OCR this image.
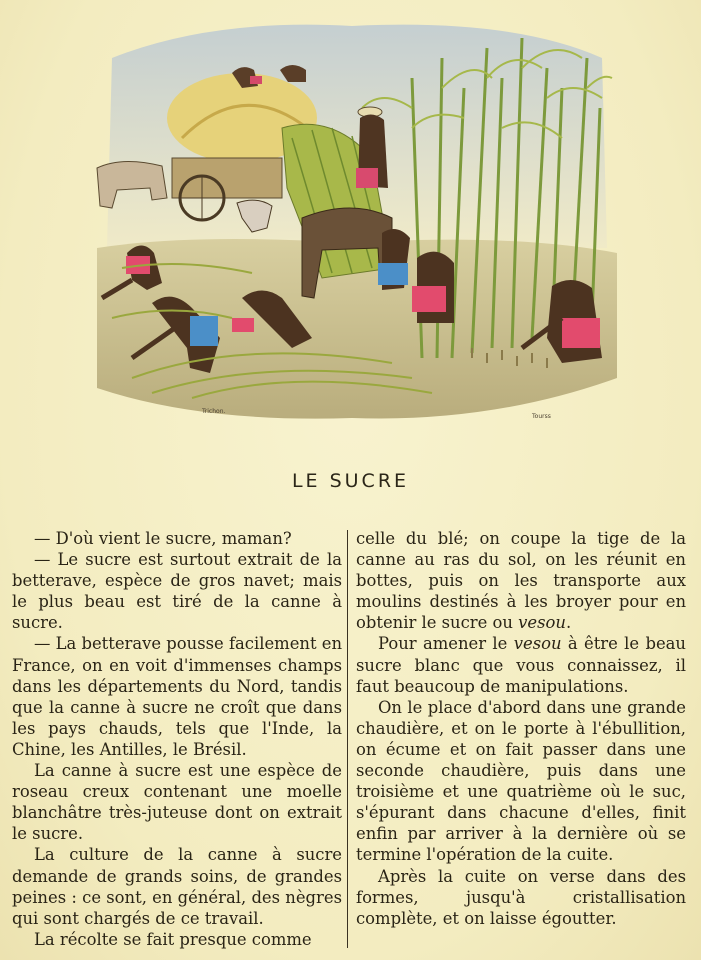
Trichon.
Tourss
LE SUCRE

— D'où vient le sucre, maman?

— Le sucre est surtout extrait de la betterave, espèce de gros navet; mais le plus beau est tiré de la canne à sucre.

— La betterave pousse facilement en France, on en voit d'immenses champs dans les départements du Nord, tandis que la canne à sucre ne croît que dans les pays chauds, tels que l'Inde, la Chine, les Antilles, le Brésil.

La canne à sucre est une espèce de roseau creux contenant une moelle blanchâtre très-juteuse dont on extrait le sucre.

La culture de la canne à sucre demande de grands soins, de grandes peines : ce sont, en général, des nègres qui sont chargés de ce travail.

La récolte se fait presque comme

celle du blé; on coupe la tige de la canne au ras du sol, on les réunit en bottes, puis on les transporte aux moulins destinés à les broyer pour en obtenir le sucre ou vesou.

Pour amener le vesou à être le beau sucre blanc que vous connaissez, il faut beaucoup de manipulations.

On le place d'abord dans une grande chaudière, et on le porte à l'ébullition, on écume et on fait passer dans une seconde chaudière, puis dans une troisième et une quatrième où le suc, s'épurant dans chacune d'elles, finit enfin par arriver à la dernière où se termine l'opération de la cuite.

Après la cuite on verse dans des formes, jusqu'à cristallisation complète, et on laisse égoutter.
